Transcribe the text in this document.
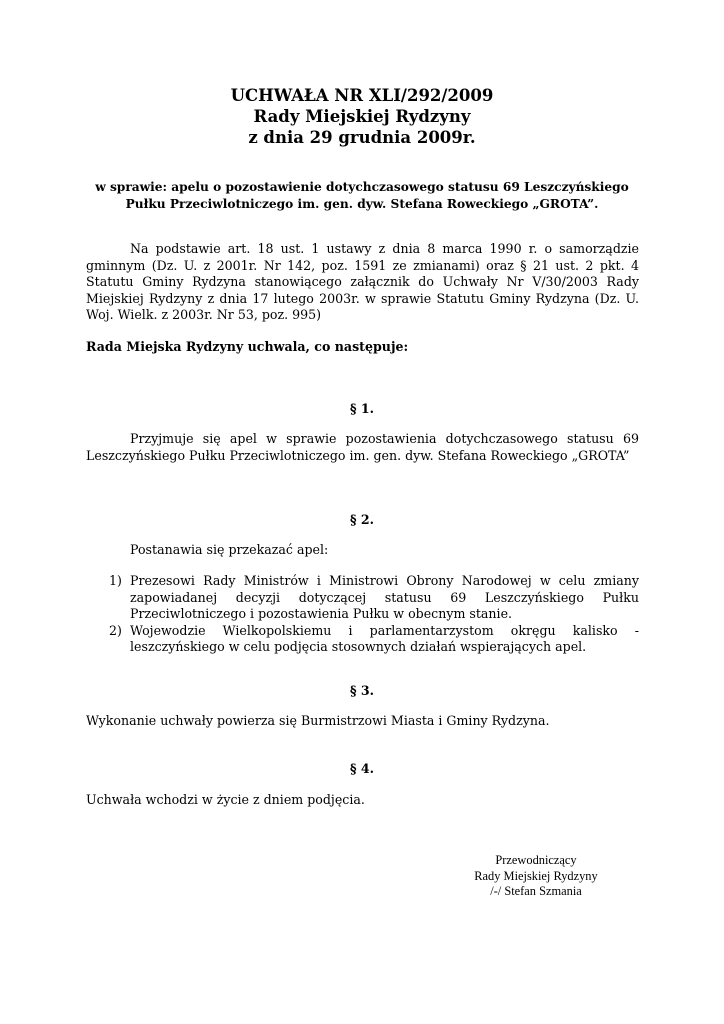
UCHWAŁA NR XLI/292/2009
Rady Miejskiej Rydzyny
z dnia 29 grudnia 2009r.
w sprawie: apelu o pozostawienie dotychczasowego statusu 69 Leszczyńskiego Pułku Przeciwlotniczego im. gen. dyw. Stefana Roweckiego „GROTA”.
Na podstawie art. 18 ust. 1 ustawy z dnia 8 marca 1990 r. o samorządzie gminnym (Dz. U. z 2001r. Nr 142, poz. 1591 ze zmianami) oraz § 21 ust. 2 pkt. 4 Statutu Gminy Rydzyna stanowiącego załącznik do Uchwały Nr V/30/2003 Rady Miejskiej Rydzyny z dnia 17 lutego 2003r. w sprawie Statutu Gminy Rydzyna (Dz. U. Woj. Wielk. z 2003r. Nr 53, poz. 995)
Rada Miejska Rydzyny uchwala, co następuje:
§ 1.
Przyjmuje się apel w sprawie pozostawienia dotychczasowego statusu 69 Leszczyńskiego Pułku Przeciwlotniczego im. gen. dyw. Stefana Roweckiego „GROTA”
§ 2.
Postanawia się przekazać apel:
1) Prezesowi Rady Ministrów i Ministrowi Obrony Narodowej w celu zmiany zapowiadanej decyzji dotyczącej statusu 69 Leszczyńskiego Pułku Przeciwlotniczego i pozostawienia Pułku w obecnym stanie.
2) Wojewodzie Wielkopolskiemu i parlamentarzystom okręgu kalisko - leszczyńskiego w celu podjęcia stosownych działań wspierających apel.
§ 3.
Wykonanie uchwały powierza się Burmistrzowi Miasta i Gminy Rydzyna.
§ 4.
Uchwała wchodzi w życie z dniem podjęcia.
Przewodniczący
Rady Miejskiej Rydzyny
/-/ Stefan Szmania
